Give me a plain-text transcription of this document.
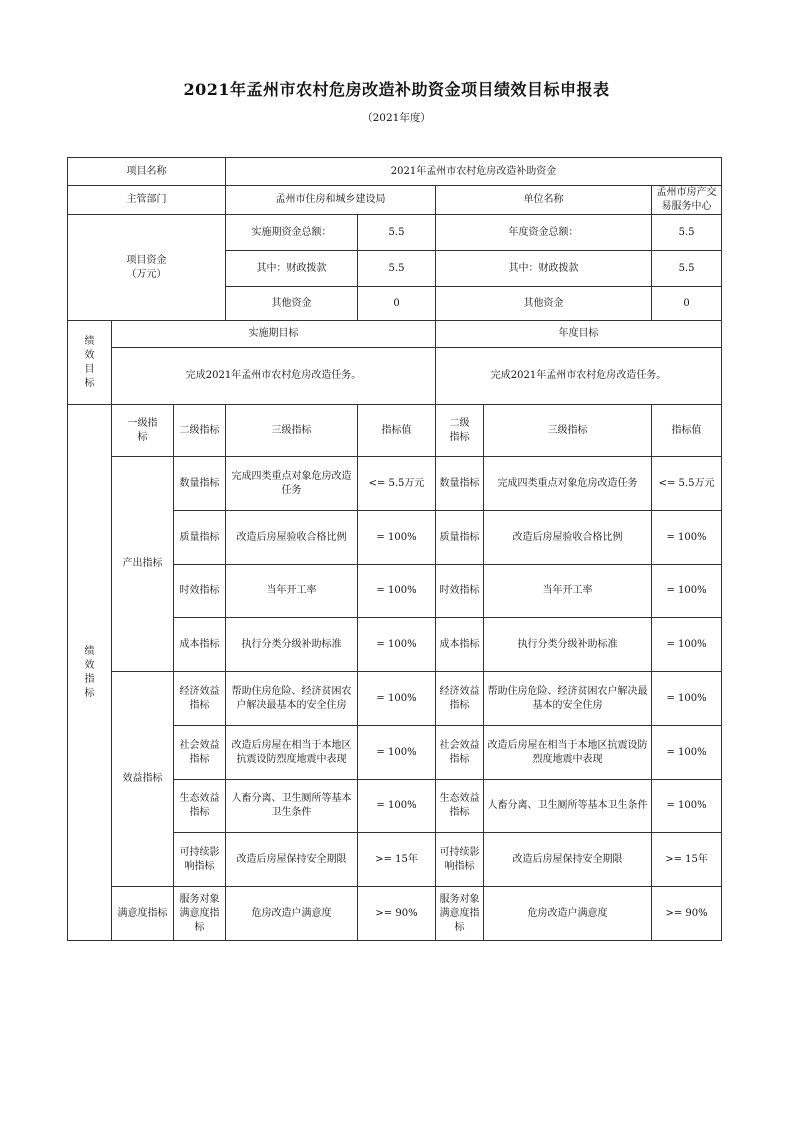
2021年孟州市农村危房改造补助资金项目绩效目标申报表
（2021年度）
项目名称			2021年孟州市农村危房改造补助资金				
主管部门			孟州市住房和城乡建设局		单位名称		孟州市房产交易服务中心

项目资金
（万元）			实施期资金总额：	5.5	年度资金总额：		5.5
			其中：财政拨款	5.5	其中：财政拨款		5.5
			其他资金	0	其他资金		0
绩效目标	实施期目标				年度目标		
	完成2021年孟州市农村危房改造任务。				完成2021年孟州市农村危房改造任务。		
绩效指标	一级指标	二级指标	三级指标	指标值	二级指标	三级指标	指标值
	产出指标	数量指标	完成四类重点对象危房改造任务	<= 5.5万元	数量指标	完成四类重点对象危房改造任务	<= 5.5万元
		质量指标	改造后房屋验收合格比例	= 100%	质量指标	改造后房屋验收合格比例	= 100%
		时效指标	当年开工率	= 100%	时效指标	当年开工率	= 100%
		成本指标	执行分类分级补助标准	= 100%	成本指标	执行分类分级补助标准	= 100%
	效益指标	经济效益指标	帮助住房危险、经济贫困农户解决最基本的安全住房	= 100%	经济效益指标	帮助住房危险、经济贫困农户解决最基本的安全住房	= 100%
		社会效益指标	改造后房屋在相当于本地区抗震设防烈度地震中表现	= 100%	社会效益指标	改造后房屋在相当于本地区抗震设防烈度地震中表现	= 100%
		生态效益指标	人畜分离、卫生厕所等基本卫生条件	= 100%	生态效益指标	人畜分离、卫生厕所等基本卫生条件	= 100%
		可持续影响指标	改造后房屋保持安全期限	>= 15年	可持续影响指标	改造后房屋保持安全期限	>= 15年
	满意度指标	服务对象满意度指标	危房改造户满意度	>= 90%	服务对象满意度指标	危房改造户满意度	>= 90%
